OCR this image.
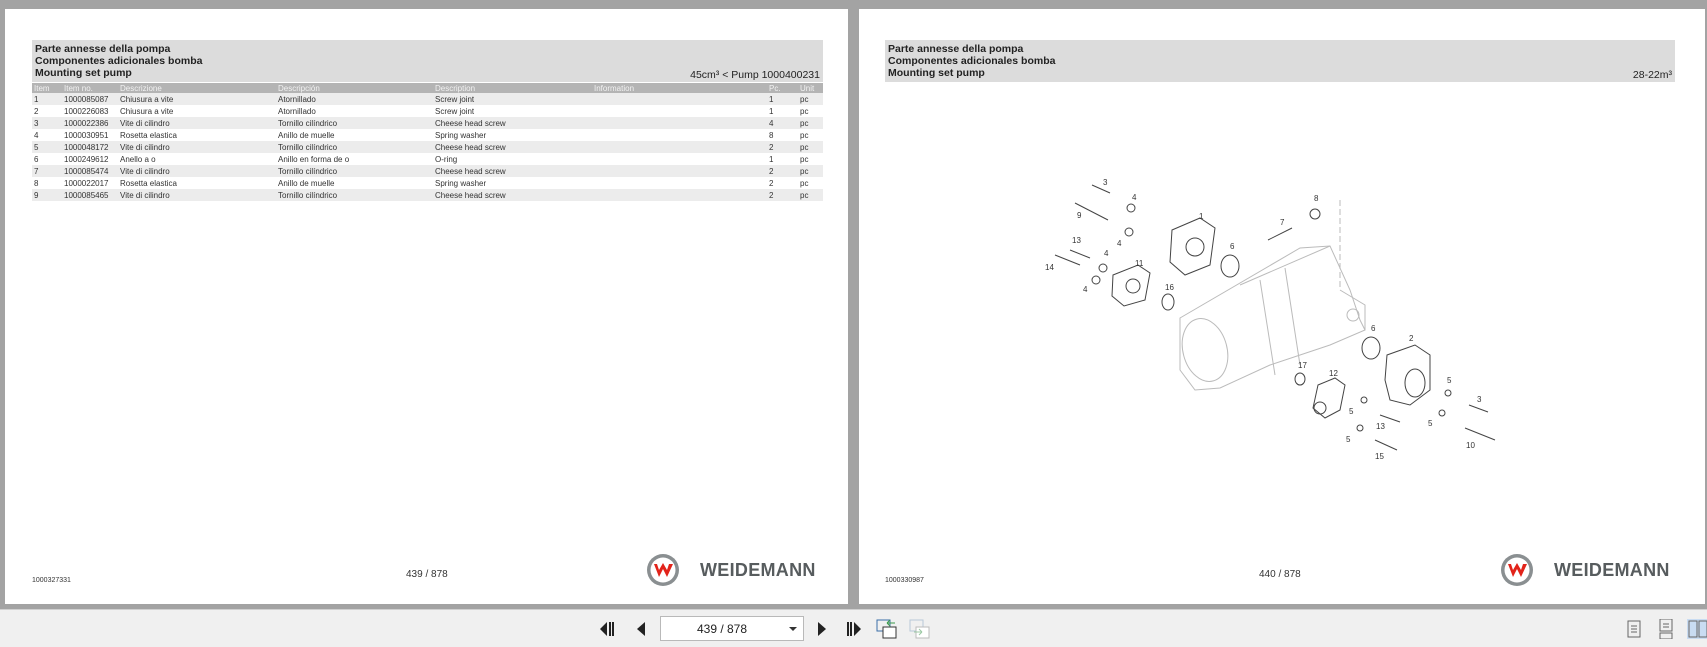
Parte annesse della pompa
Componentes adicionales bomba
Mounting set pump	45cm³ < Pump 1000400231
Item	Item no.	Descrizione	Descripción	Description	Information	Pc.	Unit
1	1000085087	Chiusura a vite	Atornillado	Screw joint		1	pc
2	1000226083	Chiusura a vite	Atornillado	Screw joint		1	pc
3	1000022386	Vite di cilindro	Tornillo cilíndrico	Cheese head screw		4	pc
4	1000030951	Rosetta elastica	Anillo de muelle	Spring washer		8	pc
5	1000048172	Vite di cilindro	Tornillo cilíndrico	Cheese head screw		2	pc
6	1000249612	Anello a o	Anillo en forma de o	O-ring		1	pc
7	1000085474	Vite di cilindro	Tornillo cilíndrico	Cheese head screw		2	pc
8	1000022017	Rosetta elastica	Anillo de muelle	Spring washer		2	pc
9	1000085465	Vite di cilindro	Tornillo cilíndrico	Cheese head screw		2	pc
439 / 878
1000327331
WEIDEMANN
Parte annesse della pompa
Componentes adicionales bomba
Mounting set pump	28-22m³
440 / 878
1000330987
WEIDEMANN
3
4
9	1
8
7
4
13
4
6
11
14
4	16
6
2
17
12
5
3
5
13	5
5
10
15
439 / 878
